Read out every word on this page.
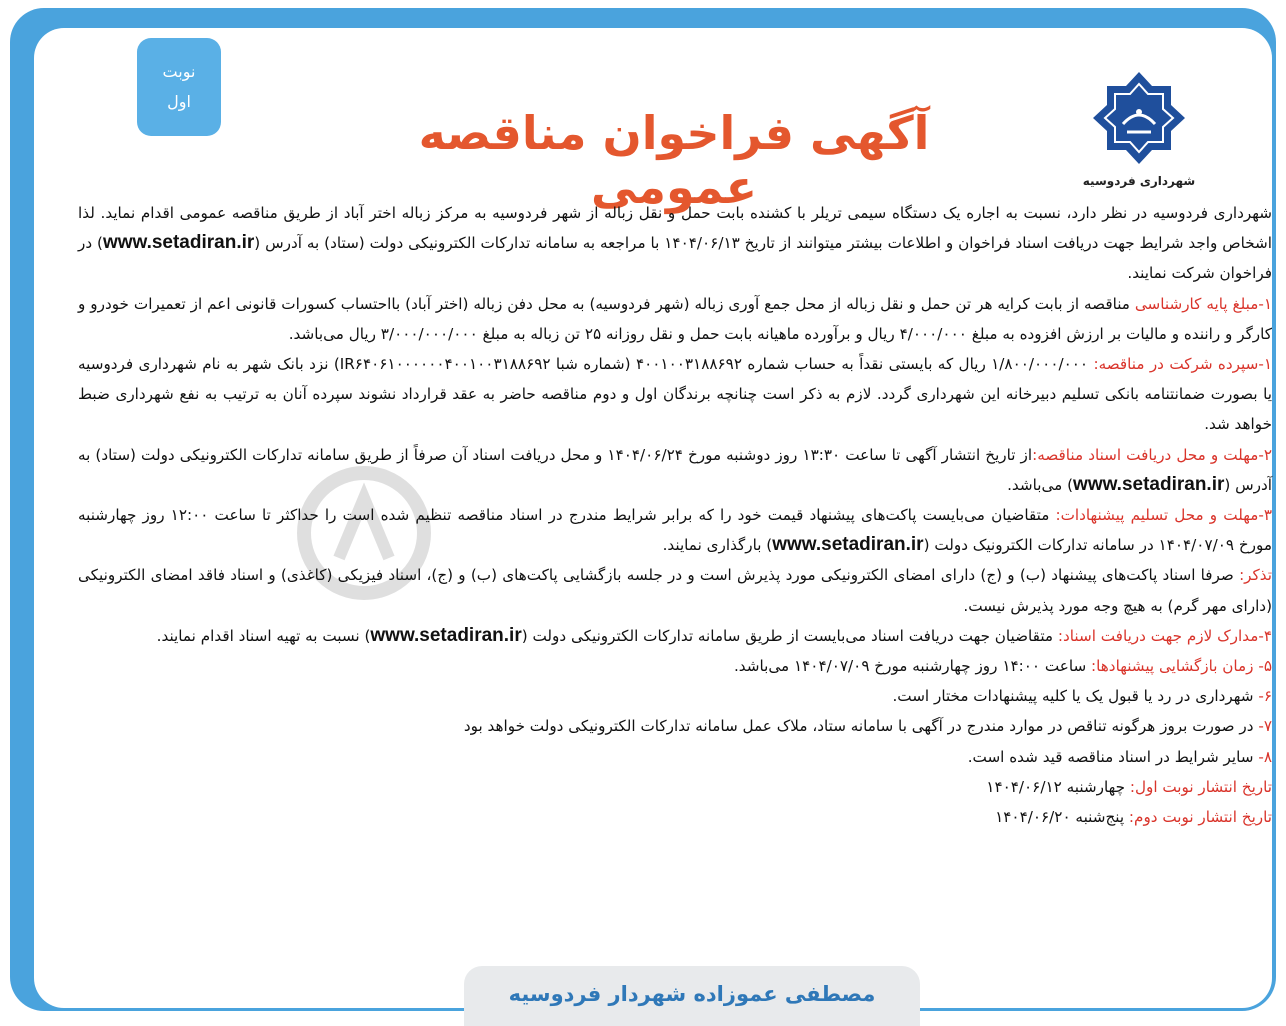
نوبت
اول
شهرداری فردوسیه
آگهی فراخوان مناقصه عمومی

شهرداری فردوسیه در نظر دارد، نسبت به اجاره یک دستگاه سیمی تریلر با کشنده بابت حمل و نقل زباله از شهر فردوسیه به مرکز زباله اختر آباد از طریق مناقصه عمومی اقدام نماید. لذا اشخاص واجد شرایط جهت دریافت اسناد فراخوان و اطلاعات بیشتر میتوانند از تاریخ ۱۴۰۴/۰۶/۱۳ با مراجعه به سامانه تدارکات الکترونیکی دولت (ستاد) به آدرس (www.setadiran.ir) در فراخوان شرکت نمایند.

۱-مبلغ پایه کارشناسی مناقصه از بابت کرایه هر تن حمل و نقل زباله از محل جمع آوری زباله (شهر فردوسیه) به محل دفن زباله (اختر آباد) بااحتساب کسورات قانونی اعم از تعمیرات خودرو و کارگر و راننده و مالیات بر ارزش افزوده به مبلغ ۴/۰۰۰/۰۰۰ ریال و برآورده ماهیانه بابت حمل و نقل روزانه ۲۵ تن زباله به مبلغ ۳/۰۰۰/۰۰۰/۰۰۰ ریال می‌باشد.

۱-سپرده شرکت در مناقصه: ۱/۸۰۰/۰۰۰/۰۰۰ ریال که بایستی نقداً به حساب شماره ۴۰۰۱۰۰۳۱۸۸۶۹۲ (شماره شبا IR۶۴۰۶۱۰۰۰۰۰۰۴۰۰۱۰۰۳۱۸۸۶۹۲) نزد بانک شهر به نام شهرداری فردوسیه یا بصورت ضمانتنامه بانکی تسلیم دبیرخانه این شهرداری گردد. لازم به ذکر است چنانچه برندگان اول و دوم مناقصه حاضر به عقد قرارداد نشوند سپرده آنان به ترتیب به نفع شهرداری ضبط خواهد شد.

۲-مهلت و محل دریافت اسناد مناقصه:از تاریخ انتشار آگهی تا ساعت ۱۳:۳۰ روز دوشنبه مورخ ۱۴۰۴/۰۶/۲۴ و محل دریافت اسناد آن صرفاً از طریق سامانه تدارکات الکترونیکی دولت (ستاد) به آدرس (www.setadiran.ir) می‌باشد.

۳-مهلت و محل تسلیم پیشنهادات: متقاضیان می‌بایست پاکت‌های پیشنهاد قیمت خود را که برابر شرایط مندرج در اسناد مناقصه تنظیم شده است را حداکثر تا ساعت ۱۲:۰۰ روز چهارشنبه مورخ ۱۴۰۴/۰۷/۰۹ در سامانه تدارکات الکترونیک دولت (www.setadiran.ir) بارگذاری نمایند.

تذکر: صرفا اسناد پاکت‌های پیشنهاد (ب) و (ج) دارای امضای الکترونیکی مورد پذیرش است و در جلسه بازگشایی پاکت‌های (ب) و (ج)، اسناد فیزیکی (کاغذی) و اسناد فاقد امضای الکترونیکی (دارای مهر گرم) به هیچ وجه مورد پذیرش نیست.

۴-مدارک لازم جهت دریافت اسناد: متقاضیان جهت دریافت اسناد می‌بایست از طریق سامانه تدارکات الکترونیکی دولت (www.setadiran.ir) نسبت به تهیه اسناد اقدام نمایند.

۵- زمان بازگشایی پیشنهادها: ساعت ۱۴:۰۰ روز چهارشنبه مورخ ۱۴۰۴/۰۷/۰۹ می‌باشد.

۶- شهرداری در رد یا قبول یک یا کلیه پیشنهادات مختار است.

۷- در صورت بروز هرگونه تناقص در موارد مندرج در آگهی با سامانه ستاد، ملاک عمل سامانه تدارکات الکترونیکی دولت خواهد بود

۸- سایر شرایط در اسناد مناقصه قید شده است.

تاریخ انتشار نوبت اول: چهارشنبه ۱۴۰۴/۰۶/۱۲

تاریخ انتشار نوبت دوم: پنج‌شنبه ۱۴۰۴/۰۶/۲۰

مصطفی عموزاده شهردار فردوسیه
